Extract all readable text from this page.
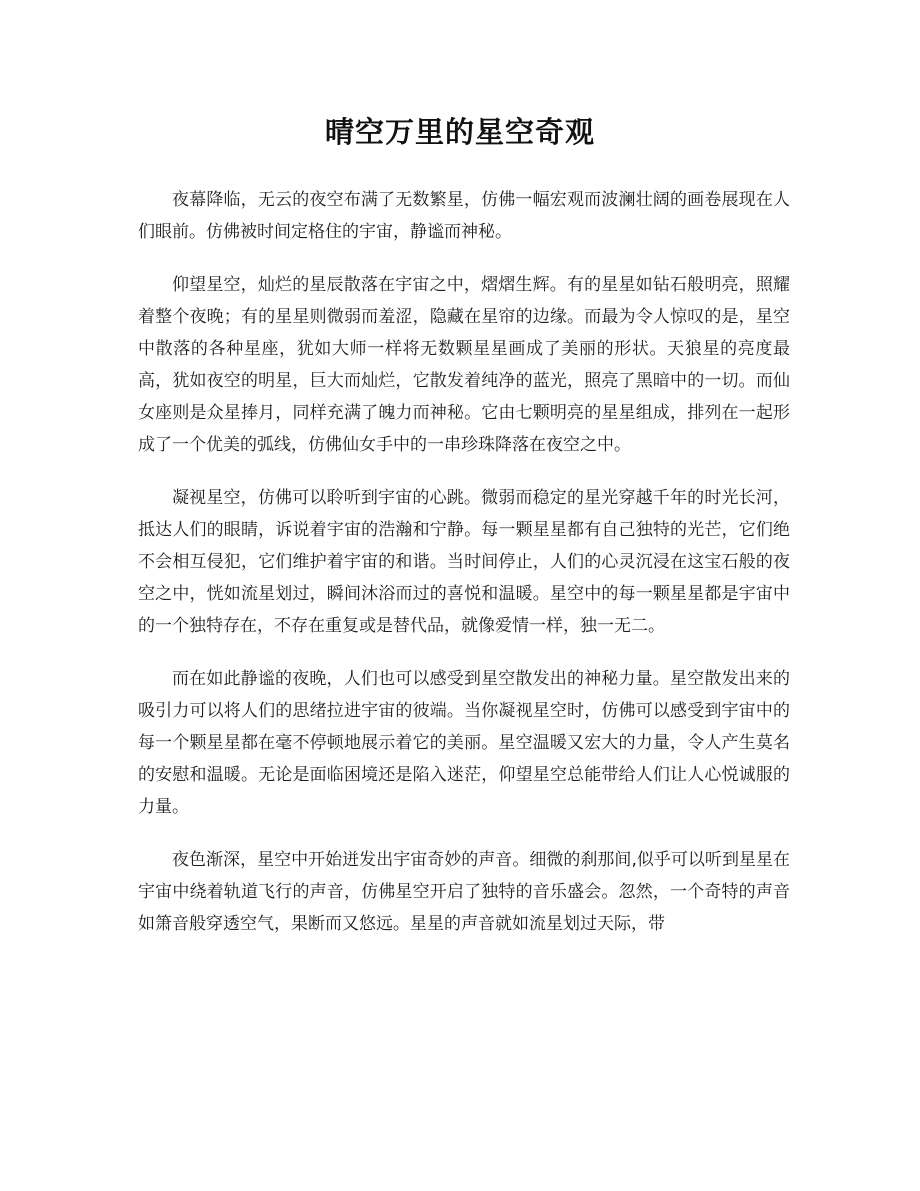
晴空万里的星空奇观

夜幕降临，无云的夜空布满了无数繁星，仿佛一幅宏观而波澜壮阔的画卷展现在人们眼前。仿佛被时间定格住的宇宙，静谧而神秘。

仰望星空，灿烂的星辰散落在宇宙之中，熠熠生辉。有的星星如钻石般明亮，照耀着整个夜晚；有的星星则微弱而羞涩，隐藏在星帘的边缘。而最为令人惊叹的是，星空中散落的各种星座，犹如大师一样将无数颗星星画成了美丽的形状。天狼星的亮度最高，犹如夜空的明星，巨大而灿烂，它散发着纯净的蓝光，照亮了黑暗中的一切。而仙女座则是众星捧月，同样充满了魄力而神秘。它由七颗明亮的星星组成，排列在一起形成了一个优美的弧线，仿佛仙女手中的一串珍珠降落在夜空之中。

凝视星空，仿佛可以聆听到宇宙的心跳。微弱而稳定的星光穿越千年的时光长河，抵达人们的眼睛，诉说着宇宙的浩瀚和宁静。每一颗星星都有自己独特的光芒，它们绝不会相互侵犯，它们维护着宇宙的和谐。当时间停止，人们的心灵沉浸在这宝石般的夜空之中，恍如流星划过，瞬间沐浴而过的喜悦和温暖。星空中的每一颗星星都是宇宙中的一个独特存在，不存在重复或是替代品，就像爱情一样，独一无二。

而在如此静谧的夜晚，人们也可以感受到星空散发出的神秘力量。星空散发出来的吸引力可以将人们的思绪拉进宇宙的彼端。当你凝视星空时，仿佛可以感受到宇宙中的每一个颗星星都在毫不停顿地展示着它的美丽。星空温暖又宏大的力量，令人产生莫名的安慰和温暖。无论是面临困境还是陷入迷茫，仰望星空总能带给人们让人心悦诚服的力量。

夜色渐深，星空中开始迸发出宇宙奇妙的声音。细微的刹那间,似乎可以听到星星在宇宙中绕着轨道飞行的声音，仿佛星空开启了独特的音乐盛会。忽然，一个奇特的声音如箫音般穿透空气，果断而又悠远。星星的声音就如流星划过天际，带
